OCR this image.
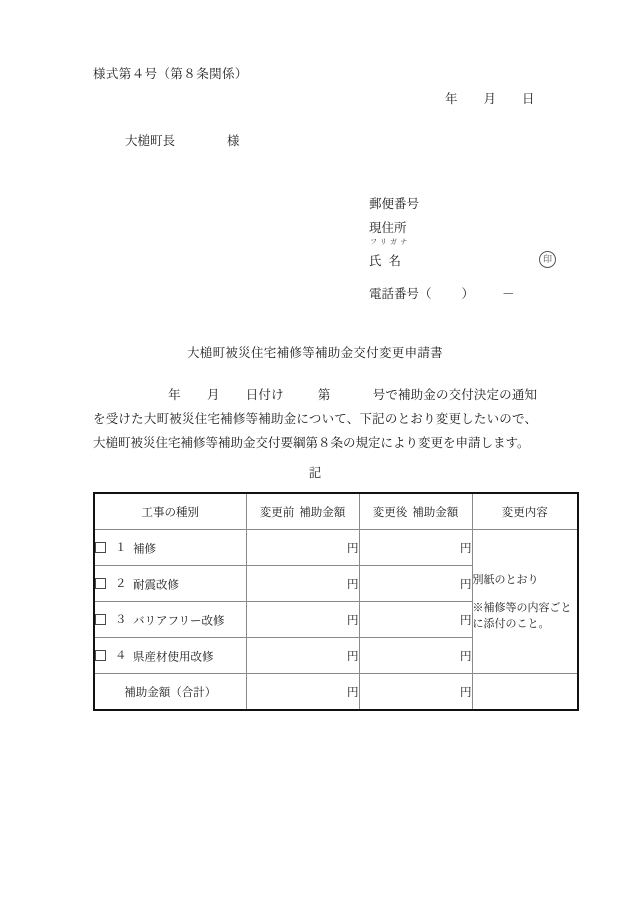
様式第４号（第８条関係）
年 月 日
大槌町長	様
郵便番号
現住所
フリガナ
氏 名	印
電話番号（ ） －
大槌町被災住宅補修等補助金交付変更申請書
年 月 日付け	第	号で補助金の交付決定の通知を受けた大町被災住宅補修等補助金について、下記のとおり変更したいので、大槌町被災住宅補修等補助金交付要綱第８条の規定により変更を申請します。
記
工事の種別	変更前 補助金額	変更後 補助金額	変更内容
１ 補修	円	円	別紙のとおり
※補修等の内容ごとに添付のこと。

２ 耐震改修	円	円	
３ バリアフリー改修	円	円	
４ 県産材使用改修	円	円	
補助金額（合計）	円	円	
